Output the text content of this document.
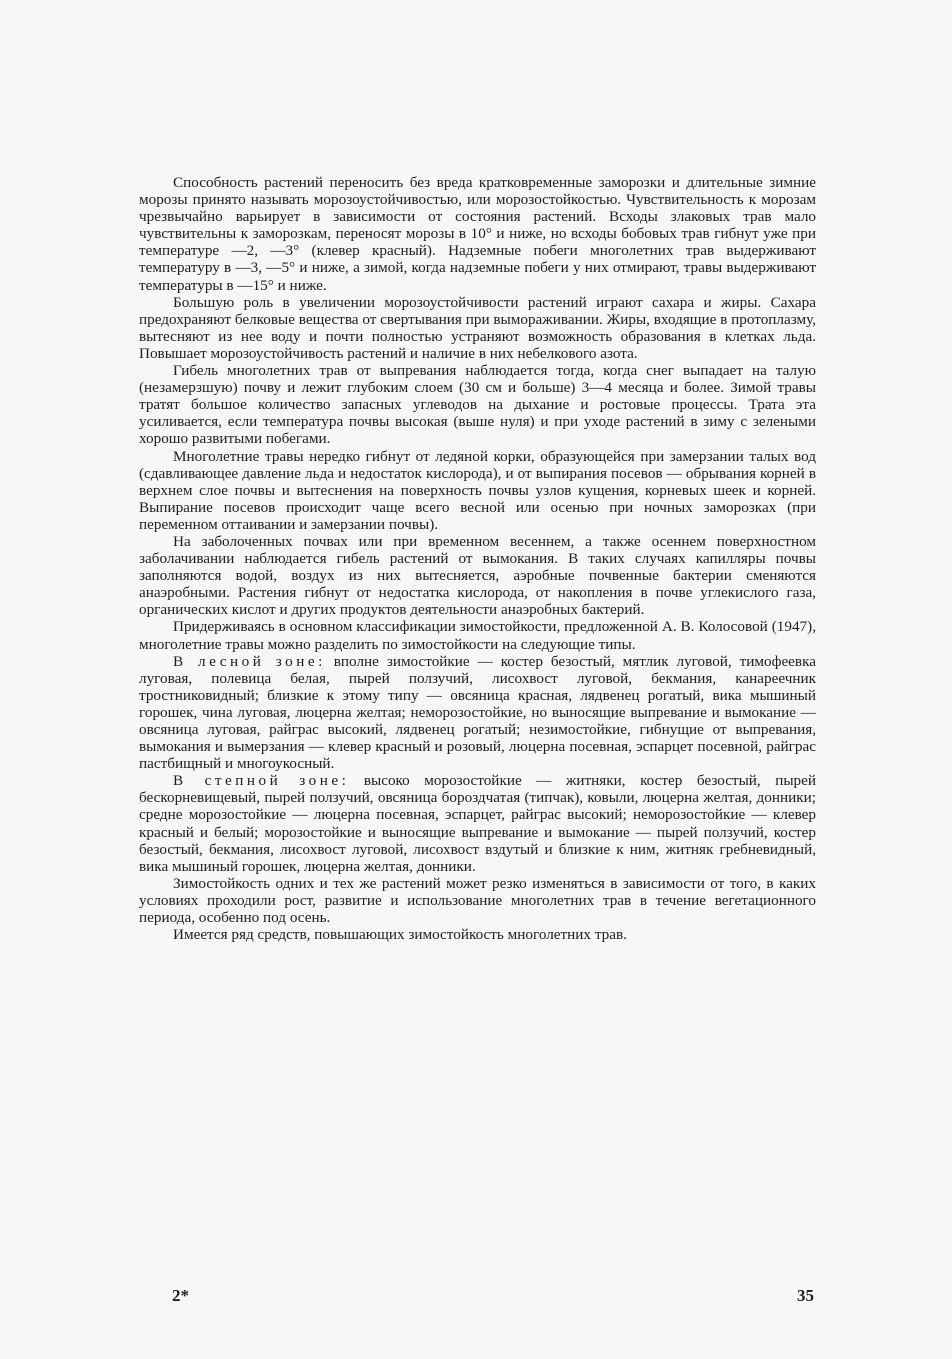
Способность растений переносить без вреда кратковременные заморозки и длительные зимние морозы принято называть морозоустойчивостью, или морозостойкостью. Чувствительность к морозам чрезвычайно варьирует в зависимости от состояния растений. Всходы злаковых трав мало чувствительны к заморозкам, переносят морозы в 10° и ниже, но всходы бобовых трав гибнут уже при температуре —2, —3° (клевер красный). Надземные побеги многолетних трав выдерживают температуру в —3, —5° и ниже, а зимой, когда надземные побеги у них отмирают, травы выдерживают температуры в —15° и ниже.

Большую роль в увеличении морозоустойчивости растений играют сахара и жиры. Сахара предохраняют белковые вещества от свертывания при вымораживании. Жиры, входящие в протоплазму, вытесняют из нее воду и почти полностью устраняют возможность образования в клетках льда. Повышает морозоустойчивость растений и наличие в них небелкового азота.

Гибель многолетних трав от выпревания наблюдается тогда, когда снег выпадает на талую (незамерзшую) почву и лежит глубоким слоем (30 см и больше) 3—4 месяца и более. Зимой травы тратят большое количество запасных углеводов на дыхание и ростовые процессы. Трата эта усиливается, если температура почвы высокая (выше нуля) и при уходе растений в зиму с зелеными хорошо развитыми побегами.

Многолетние травы нередко гибнут от ледяной корки, образующейся при замерзании талых вод (сдавливающее давление льда и недостаток кислорода), и от выпирания посевов — обрывания корней в верхнем слое почвы и вытеснения на поверхность почвы узлов кущения, корневых шеек и корней. Выпирание посевов происходит чаще всего весной или осенью при ночных заморозках (при переменном оттаивании и замерзании почвы).

На заболоченных почвах или при временном весеннем, а также осеннем поверхностном заболачивании наблюдается гибель растений от вымокания. В таких случаях капилляры почвы заполняются водой, воздух из них вытесняется, аэробные почвенные бактерии сменяются анаэробными. Растения гибнут от недостатка кислорода, от накопления в почве углекислого газа, органических кислот и других продуктов деятельности анаэробных бактерий.

Придерживаясь в основном классификации зимостойкости, предложенной А. В. Колосовой (1947), многолетние травы можно разделить по зимостойкости на следующие типы.

В лесной зоне: вполне зимостойкие — костер безостый, мятлик луговой, тимофеевка луговая, полевица белая, пырей ползучий, лисохвост луговой, бекмания, канареечник тростниковидный; близкие к этому типу — овсяница красная, лядвенец рогатый, вика мышиный горошек, чина луговая, люцерна желтая; неморозостойкие, но выносящие выпревание и вымокание — овсяница луговая, райграс высокий, лядвенец рогатый; незимостойкие, гибнущие от выпревания, вымокания и вымерзания — клевер красный и розовый, люцерна посевная, эспарцет посевной, райграс пастбищный и многоукосный.

В степной зоне: высоко морозостойкие — житняки, костер безостый, пырей бескорневищевый, пырей ползучий, овсяница бороздчатая (типчак), ковыли, люцерна желтая, донники; средне морозостойкие — люцерна посевная, эспарцет, райграс высокий; неморозостойкие — клевер красный и белый; морозостойкие и выносящие выпревание и вымокание — пырей ползучий, костер безостый, бекмания, лисохвост луговой, лисохвост вздутый и близкие к ним, житняк гребневидный, вика мышиный горошек, люцерна желтая, донники.

Зимостойкость одних и тех же растений может резко изменяться в зависимости от того, в каких условиях проходили рост, развитие и использование многолетних трав в течение вегетационного периода, особенно под осень.

Имеется ряд средств, повышающих зимостойкость многолетних трав.

2*	35
